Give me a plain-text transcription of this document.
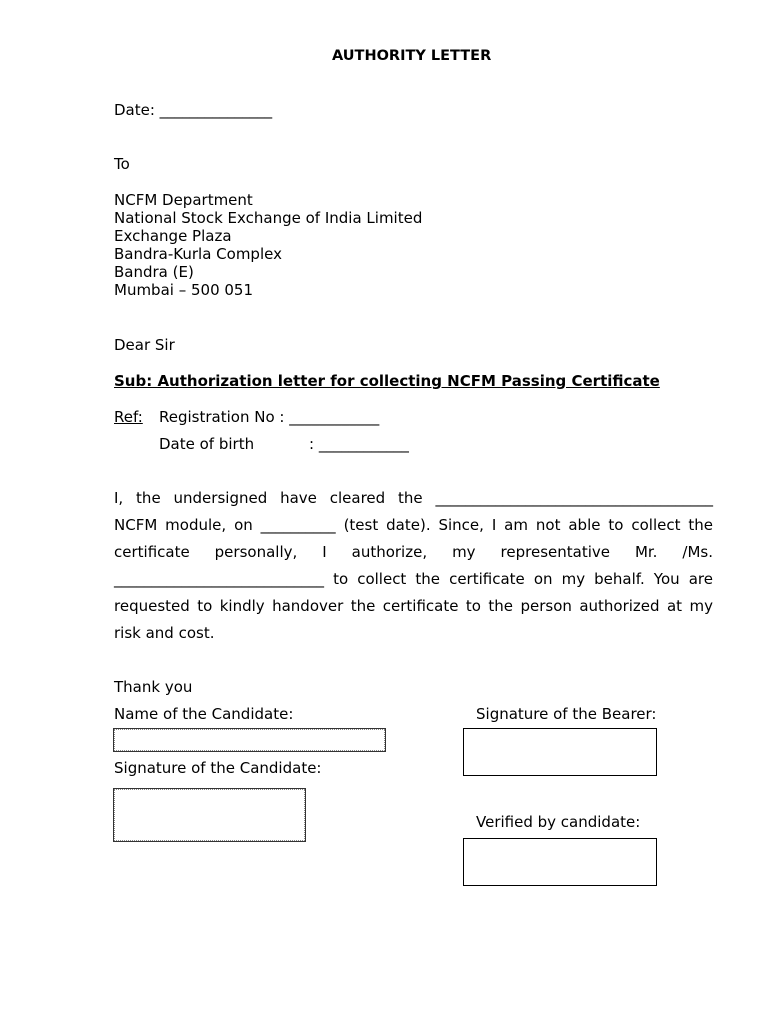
AUTHORITY LETTER
Date: _______________
To
NCFM Department
National Stock Exchange of India Limited
Exchange Plaza
Bandra-Kurla Complex
Bandra (E)
Mumbai – 500 051
Dear Sir
Sub: Authorization letter for collecting NCFM Passing Certificate
Ref: Registration No : ____________
Date of birth	: ____________
I, the undersigned have cleared the _____________________________________
NCFM module, on __________ (test date). Since, I am not able to collect the
certificate personally, I authorize, my representative Mr. /Ms.
____________________________ to collect the certificate on my behalf. You are
requested to kindly handover the certificate to the person authorized at my
risk and cost.
Thank you
Name of the Candidate:
Signature of the Candidate:
Signature of the Bearer:
Verified by candidate:
